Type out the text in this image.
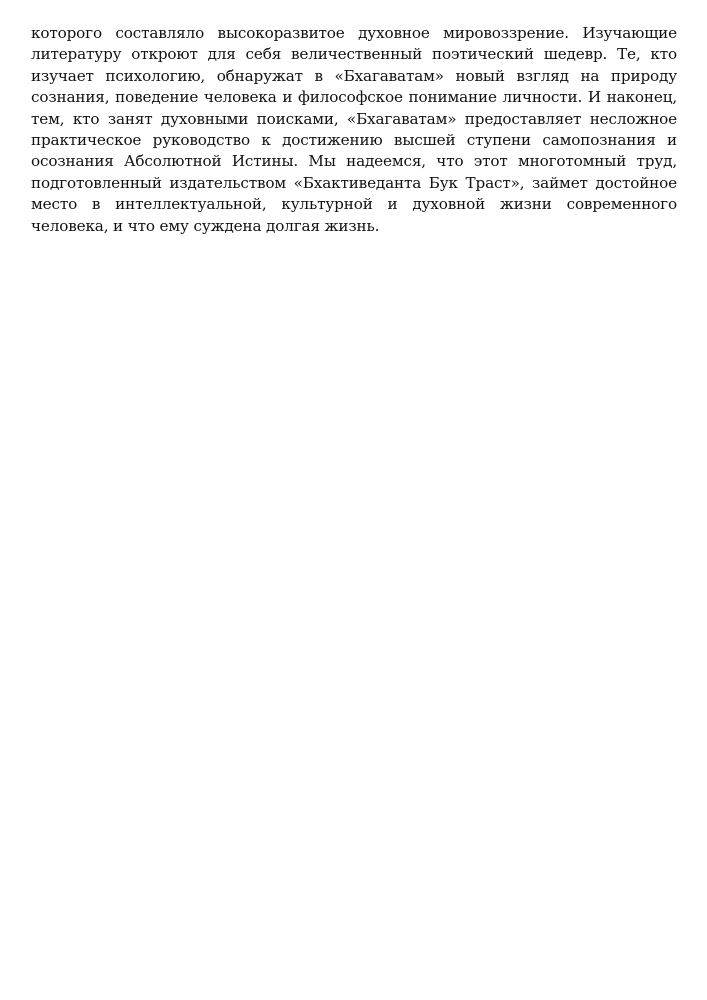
которого составляло высокоразвитое духовное мировоззрение. Изучающие литературу откроют для себя величественный поэтический шедевр. Те, кто изучает психологию, обнаружат в «Бхагаватам» новый взгляд на природу сознания, поведение человека и философское понимание личности. И наконец, тем, кто занят духовными поисками, «Бхагаватам» предоставляет несложное практическое руководство к достижению высшей ступени самопознания и осознания Абсолютной Истины. Мы надеемся, что этот многотомный труд, подготовленный издательством «Бхактиведанта Бук Траст», займет достойное место в интеллектуальной, культурной и духовной жизни современного человека, и что ему суждена долгая жизнь.
